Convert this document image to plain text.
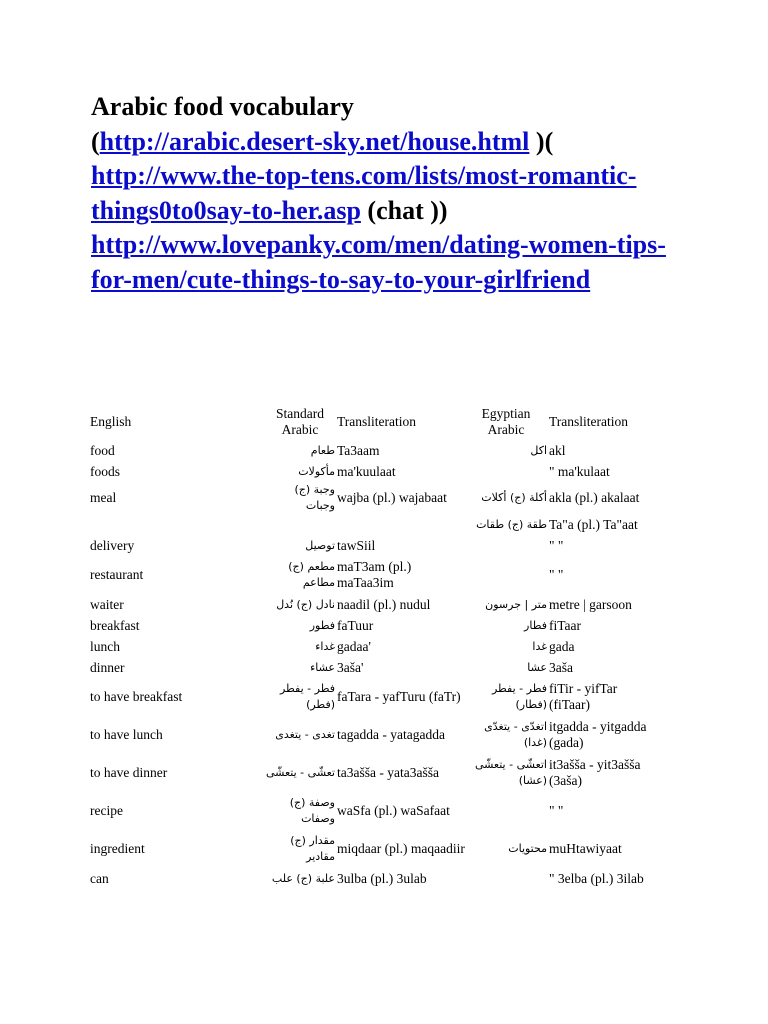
Arabic food vocabulary
(http://arabic.desert-sky.net/house.html )( http://www.the-top-tens.com/lists/most-romantic-things0to0say-to-her.asp (chat )) http://www.lovepanky.com/men/dating-women-tips-for-men/cute-things-to-say-to-your-girlfriend
English	Standard Arabic	Transliteration	Egyptian Arabic	Transliteration
food	طعام	Ta3aam	اكل	akl
foods	مأكولات	ma'kuulaat		" ma'kulaat
meal	وجبة (ج) وجبات	wajba (pl.) wajabaat	أكلة (ج) أكلات	akla (pl.) akalaat
			طقة (ج) طقات	Ta"a (pl.) Ta"aat
delivery	توصيل	tawSiil		" "
restaurant	مطعم (ج) مطاعم	maT3am (pl.) maTaa3im		" "
waiter	نادل (ج) نُدل	naadil (pl.) nudul	متر | جرسون	metre | garsoon
breakfast	فطور	faTuur	فطار	fiTaar
lunch	غداء	gadaa'	غدا	gada
dinner	عشاء	3aša'	عشا	3aša
to have breakfast	فطر - يفطر (فطر)	faTara - yafTuru (faTr)	فطر - يفطر (فطار)	fiTir - yifTar (fiTaar)
to have lunch	تغدى - يتغدى	tagadda - yatagadda	اتغدّى - يتغدّى (غدا)	itgadda - yitgadda (gada)
to have dinner	تعشّى - يتعشّى	ta3ašša - yata3ašša	اتعشّى - يتعشّى (عشا)	it3ašša - yit3ašša (3aša)
recipe	وصفة (ج) وصفات	waSfa (pl.) waSafaat		" "
ingredient	مقدار (ج) مقادير	miqdaar (pl.) maqaadiir	محتويات	muHtawiyaat
can	علبة (ج) علب	3ulba (pl.) 3ulab		" 3elba (pl.) 3ilab
